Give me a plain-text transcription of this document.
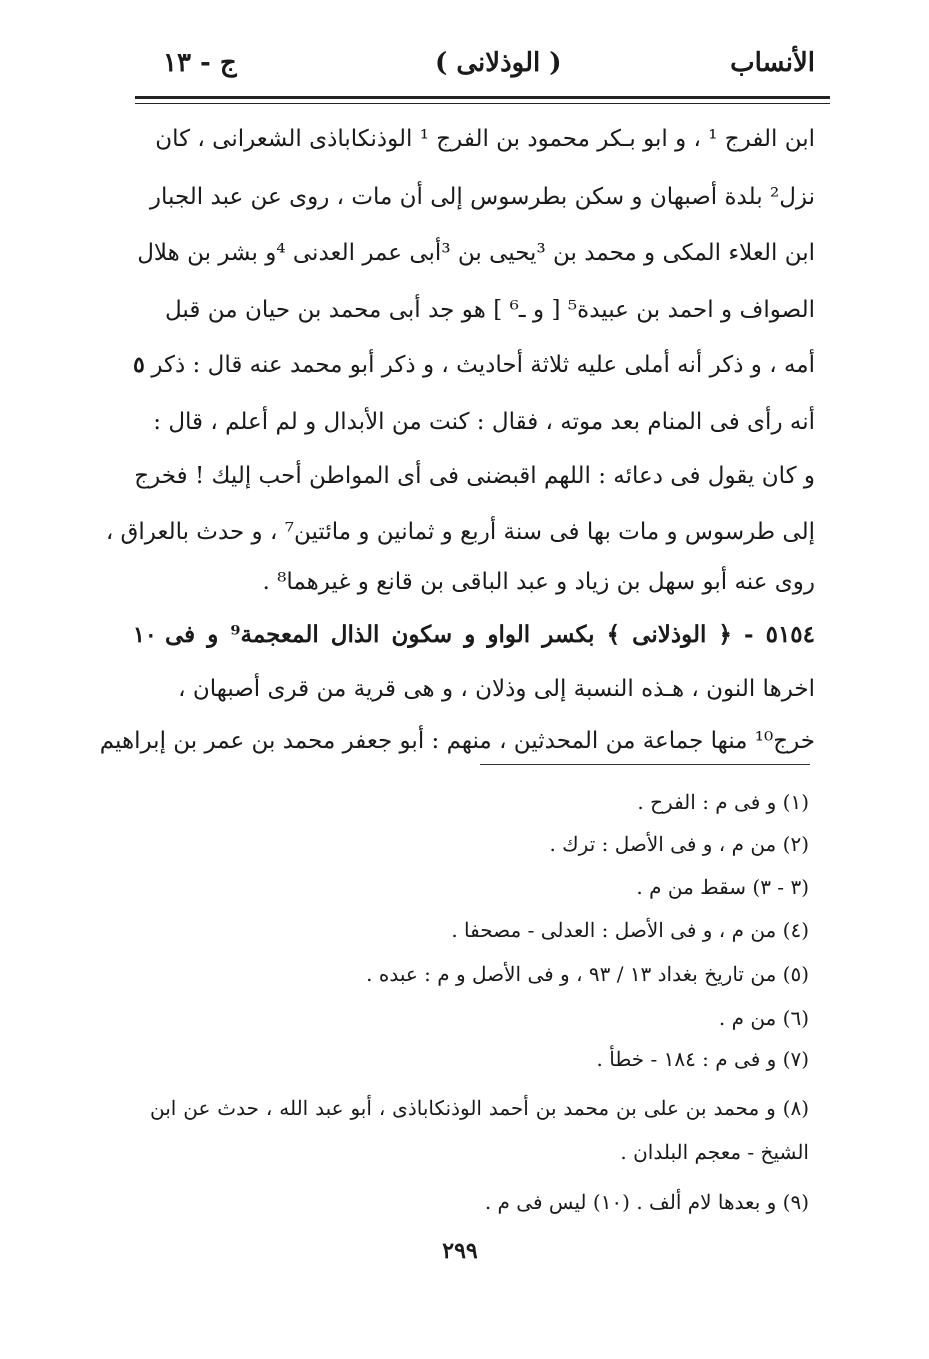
ج - ١٣	( الوذلانى )	الأنساب
ابن الفرج ¹ ، و ابو بـكر محمود بن الفرج ¹ الوذنكاباذى الشعرانى ، كان
نزل² بلدة أصبهان و سكن بطرسوس إلى أن مات ، روى عن عبد الجبار
ابن العلاء المكى و محمد بن ³يحيى بن ³أبى عمر العدنى ⁴و بشر بن هلال
الصواف و احمد بن عبيدة⁵ [ و ـ⁶ ] هو جد أبى محمد بن حيان من قبل
أمه ، و ذكر أنه أملى عليه ثلاثة أحاديث ، و ذكر أبو محمد عنه قال : ذكر
٥
أنه رأى فى المنام بعد موته ، فقال : كنت من الأبدال و لم أعلم ، قال :
و كان يقول فى دعائه : اللهم اقبضنى فى أى المواطن أحب إليك ! فخرج
إلى طرسوس و مات بها فى سنة أربع و ثمانين و مائتين⁷ ، و حدث بالعراق ،
روى عنه أبو سهل بن زياد و عبد الباقى بن قانع و غيرهما⁸ .
٥١٥٤ - ﴿ الوذلانى ﴾ بكسر الواو و سكون الذال المعجمة⁹ و فى
١٠
اخرها النون ، هـذه النسبة إلى وذلان ، و هى قرية من قرى أصبهان ،
خرج¹⁰ منها جماعة من المحدثين ، منهم : أبو جعفر محمد بن عمر بن إبراهيم
(١) و فى م : الفرح .
(٢) من م ، و فى الأصل : ترك .
(٣ - ٣) سقط من م .
(٤) من م ، و فى الأصل : العدلى - مصحفا .
(٥) من تاريخ بغداد ١٣ / ٩٣ ، و فى الأصل و م : عبده .
(٦) من م .
(٧) و فى م : ١٨٤ - خطأ .
(٨) و محمد بن على بن محمد بن أحمد الوذنكاباذى ، أبو عبد الله ، حدث عن ابن
الشيخ - معجم البلدان .
(٩) و بعدها لام ألف . (١٠) ليس فى م .
٢٩٩
